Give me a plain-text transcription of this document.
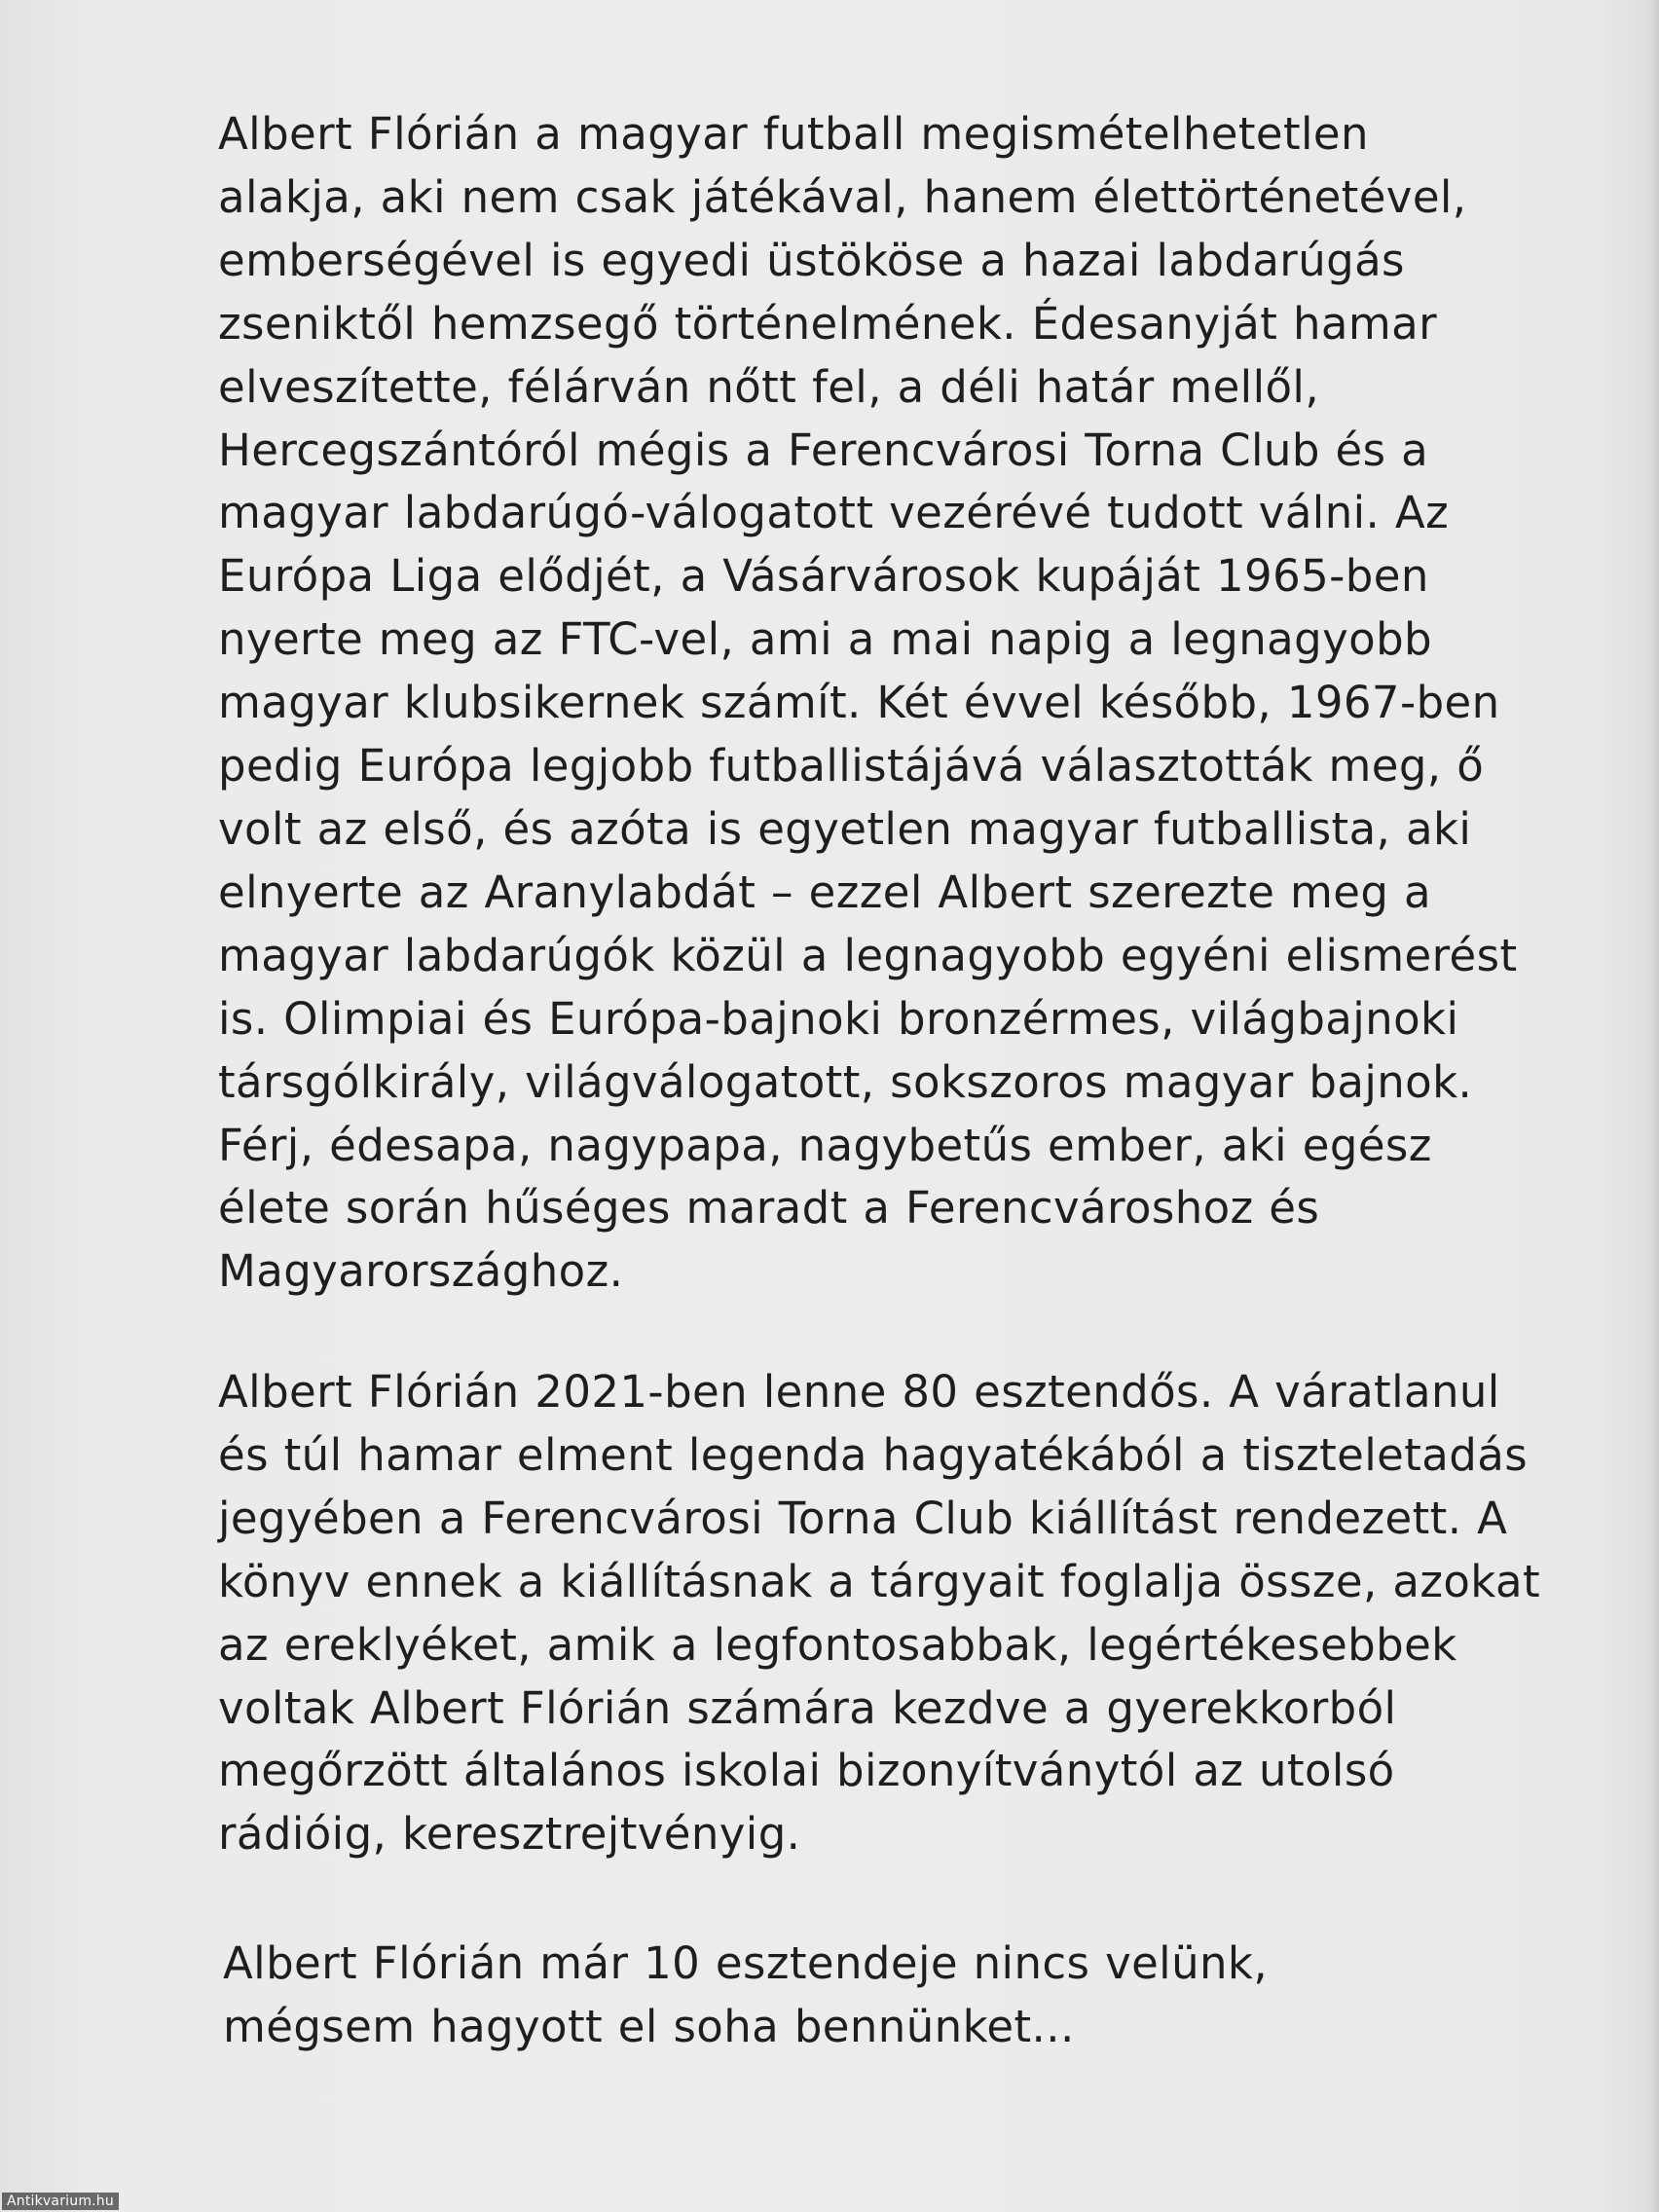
Albert Flórián a magyar futball megismételhetetlen
alakja, aki nem csak játékával, hanem élettörténetével,
emberségével is egyedi üstököse a hazai labdarúgás
zseniktől hemzsegő történelmének. Édesanyját hamar
elveszítette, félárván nőtt fel, a déli határ mellől,
Hercegszántóról mégis a Ferencvárosi Torna Club és a
magyar labdarúgó-válogatott vezérévé tudott válni. Az
Európa Liga elődjét, a Vásárvárosok kupáját 1965-ben
nyerte meg az FTC-vel, ami a mai napig a legnagyobb
magyar klubsikernek számít. Két évvel később, 1967-ben
pedig Európa legjobb futballistájává választották meg, ő
volt az első, és azóta is egyetlen magyar futballista, aki
elnyerte az Aranylabdát – ezzel Albert szerezte meg a
magyar labdarúgók közül a legnagyobb egyéni elismerést
is. Olimpiai és Európa-bajnoki bronzérmes, világbajnoki
társgólkirály, világválogatott, sokszoros magyar bajnok.
Férj, édesapa, nagypapa, nagybetűs ember, aki egész
élete során hűséges maradt a Ferencvároshoz és
Magyarországhoz.
Albert Flórián 2021-ben lenne 80 esztendős. A váratlanul
és túl hamar elment legenda hagyatékából a tiszteletadás
jegyében a Ferencvárosi Torna Club kiállítást rendezett. A
könyv ennek a kiállításnak a tárgyait foglalja össze, azokat
az ereklyéket, amik a legfontosabbak, legértékesebbek
voltak Albert Flórián számára kezdve a gyerekkorból
megőrzött általános iskolai bizonyítványtól az utolsó
rádióig, keresztrejtvényig.
Albert Flórián már 10 esztendeje nincs velünk,
mégsem hagyott el soha bennünket...
Antikvarium.hu
